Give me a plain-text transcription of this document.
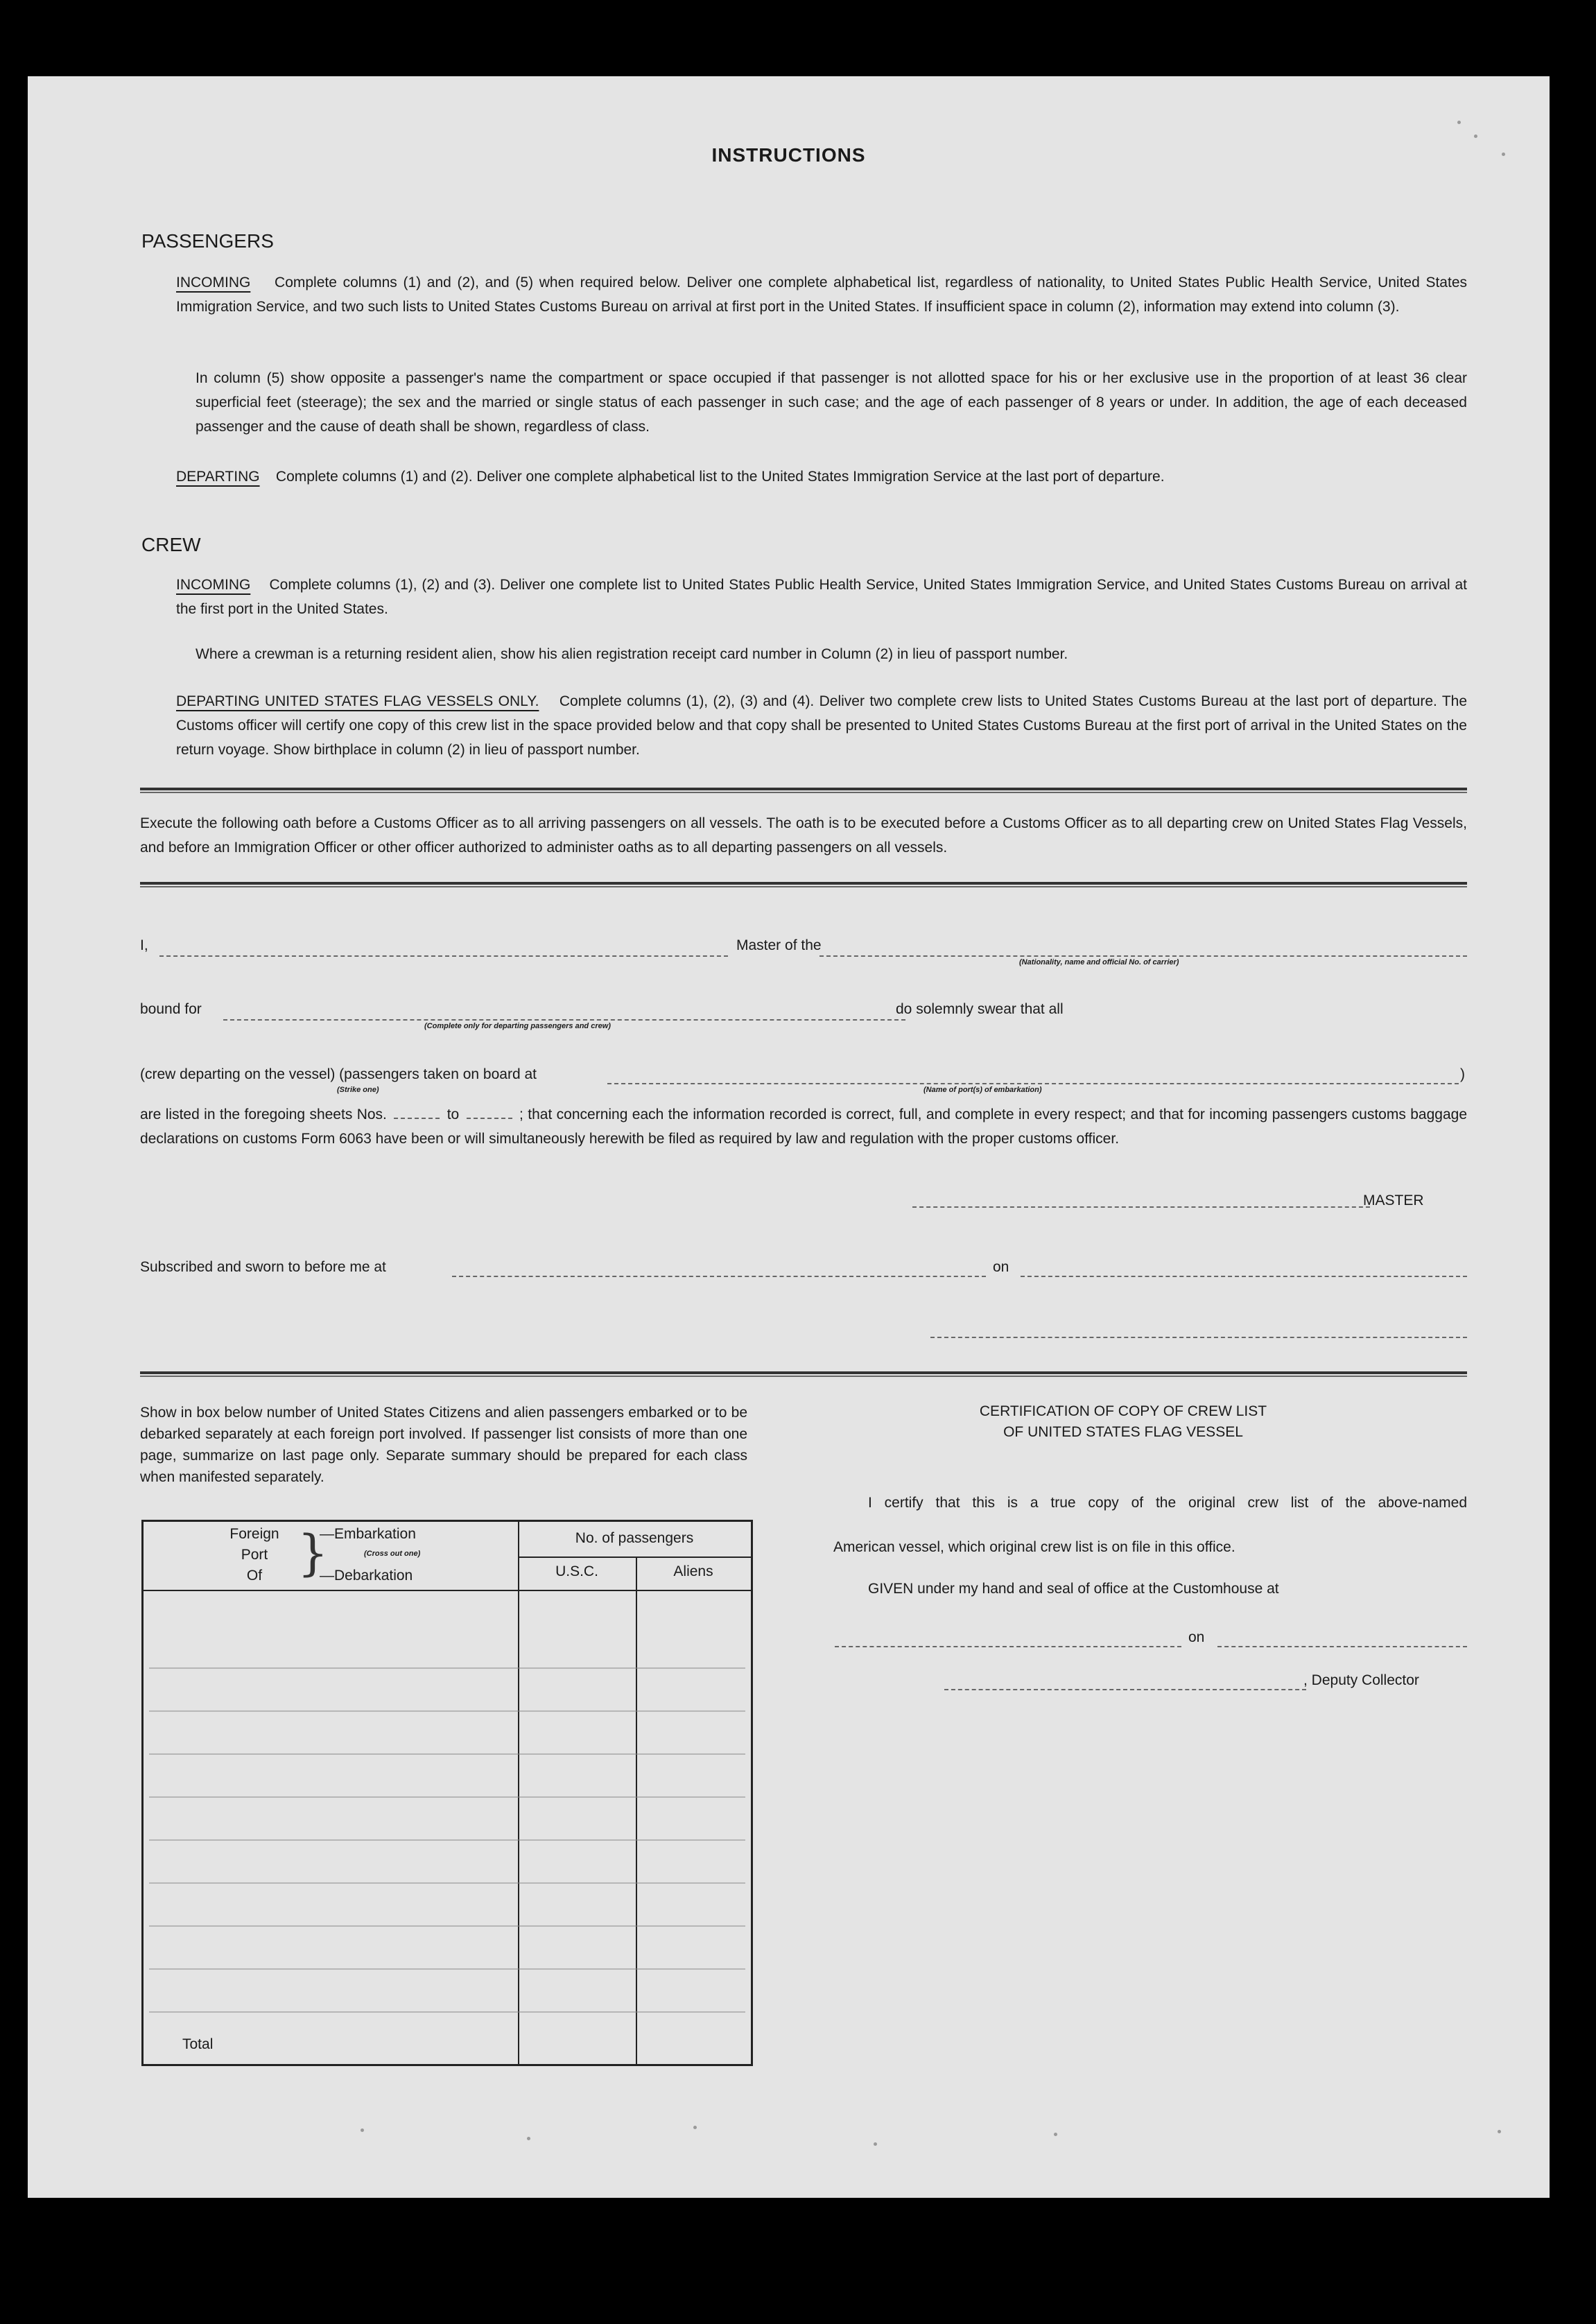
INSTRUCTIONS
PASSENGERS
INCOMING Complete columns (1) and (2), and (5) when required below. Deliver one complete alphabetical list, regardless of nationality, to United States Public Health Service, United States Immigration Service, and two such lists to United States Customs Bureau on arrival at first port in the United States. If insufficient space in column (2), information may extend into column (3).
In column (5) show opposite a passenger's name the compartment or space occupied if that passenger is not allotted space for his or her exclusive use in the proportion of at least 36 clear superficial feet (steerage); the sex and the married or single status of each passenger in such case; and the age of each passenger of 8 years or under. In addition, the age of each deceased passenger and the cause of death shall be shown, regardless of class.
DEPARTING Complete columns (1) and (2). Deliver one complete alphabetical list to the United States Immigration Service at the last port of departure.
CREW
INCOMING Complete columns (1), (2) and (3). Deliver one complete list to United States Public Health Service, United States Immigration Service, and United States Customs Bureau on arrival at the first port in the United States.
Where a crewman is a returning resident alien, show his alien registration receipt card number in Column (2) in lieu of passport number.
DEPARTING UNITED STATES FLAG VESSELS ONLY. Complete columns (1), (2), (3) and (4). Deliver two complete crew lists to United States Customs Bureau at the last port of departure. The Customs officer will certify one copy of this crew list in the space provided below and that copy shall be presented to United States Customs Bureau at the first port of arrival in the United States on the return voyage. Show birthplace in column (2) in lieu of passport number.
Execute the following oath before a Customs Officer as to all arriving passengers on all vessels. The oath is to be executed before a Customs Officer as to all departing crew on United States Flag Vessels, and before an Immigration Officer or other officer authorized to administer oaths as to all departing passengers on all vessels.
I,	Master of the
(Nationality, name and official No. of carrier)
bound for
(Complete only for departing passengers and crew)
do solemnly swear that all
(crew departing on the vessel) (passengers taken on board at	)
(Strike one)	(Name of port(s) of embarkation)
are listed in the foregoing sheets Nos.	to	; that concerning each the information recorded is correct, full, and complete in every respect; and that for incoming passengers customs baggage declarations on customs Form 6063 have been or will simultaneously herewith be filed as required by law and regulation with the proper customs officer.
MASTER
Subscribed and sworn to before me at	on
Show in box below number of United States Citizens and alien passengers embarked or to be debarked separately at each foreign port involved. If passenger list consists of more than one page, summarize on last page only. Separate summary should be prepared for each class when manifested separately.
Foreign
Port
Of }
—Embarkation
(Cross out one)
—Debarkation
No. of passengers
U.S.C.	Aliens
Total
CERTIFICATION OF COPY OF CREW LIST
OF UNITED STATES FLAG VESSEL
I certify that this is a true copy of the original crew list of the above-named
American vessel, which original crew list is on file in this office.
GIVEN under my hand and seal of office at the Customhouse at
on
, Deputy Collector
